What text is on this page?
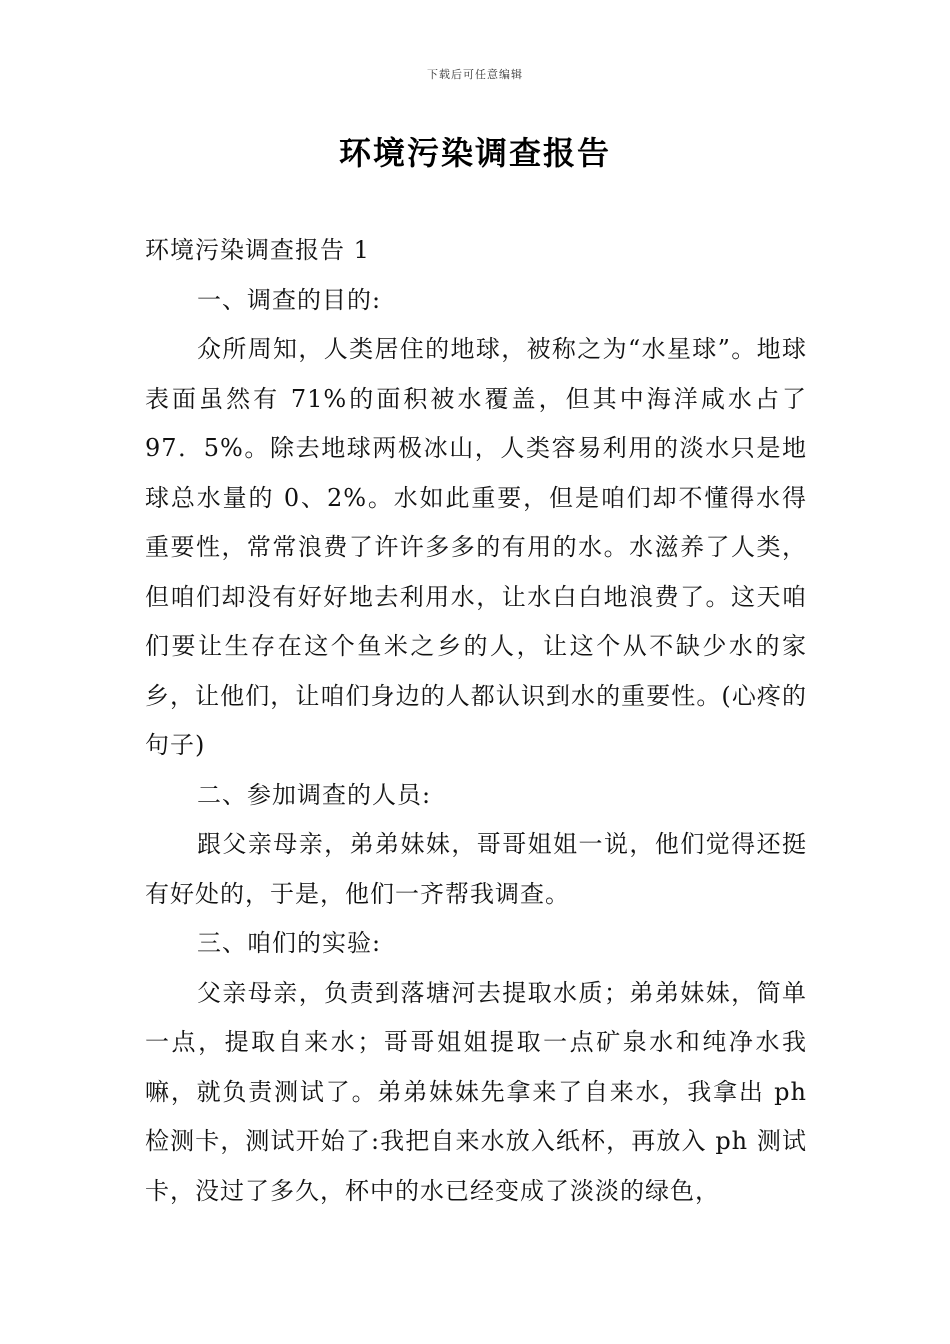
下载后可任意编辑
环境污染调查报告

环境污染调查报告 1

一、调查的目的:

众所周知，人类居住的地球，被称之为“水星球”。地球表面虽然有 71%的面积被水覆盖，但其中海洋咸水占了 97．5%。除去地球两极冰山，人类容易利用的淡水只是地球总水量的 0、2%。水如此重要，但是咱们却不懂得水得重要性，常常浪费了许许多多的有用的水。水滋养了人类，但咱们却没有好好地去利用水，让水白白地浪费了。这天咱们要让生存在这个鱼米之乡的人，让这个从不缺少水的家乡，让他们，让咱们身边的人都认识到水的重要性。(心疼的句子)

二、参加调查的人员:

跟父亲母亲，弟弟妹妹，哥哥姐姐一说，他们觉得还挺有好处的，于是，他们一齐帮我调查。

三、咱们的实验:

父亲母亲，负责到落塘河去提取水质；弟弟妹妹，简单一点，提取自来水；哥哥姐姐提取一点矿泉水和纯净水我嘛，就负责测试了。弟弟妹妹先拿来了自来水，我拿出 ph 检测卡，测试开始了:我把自来水放入纸杯，再放入 ph 测试卡，没过了多久，杯中的水已经变成了淡淡的绿色，
